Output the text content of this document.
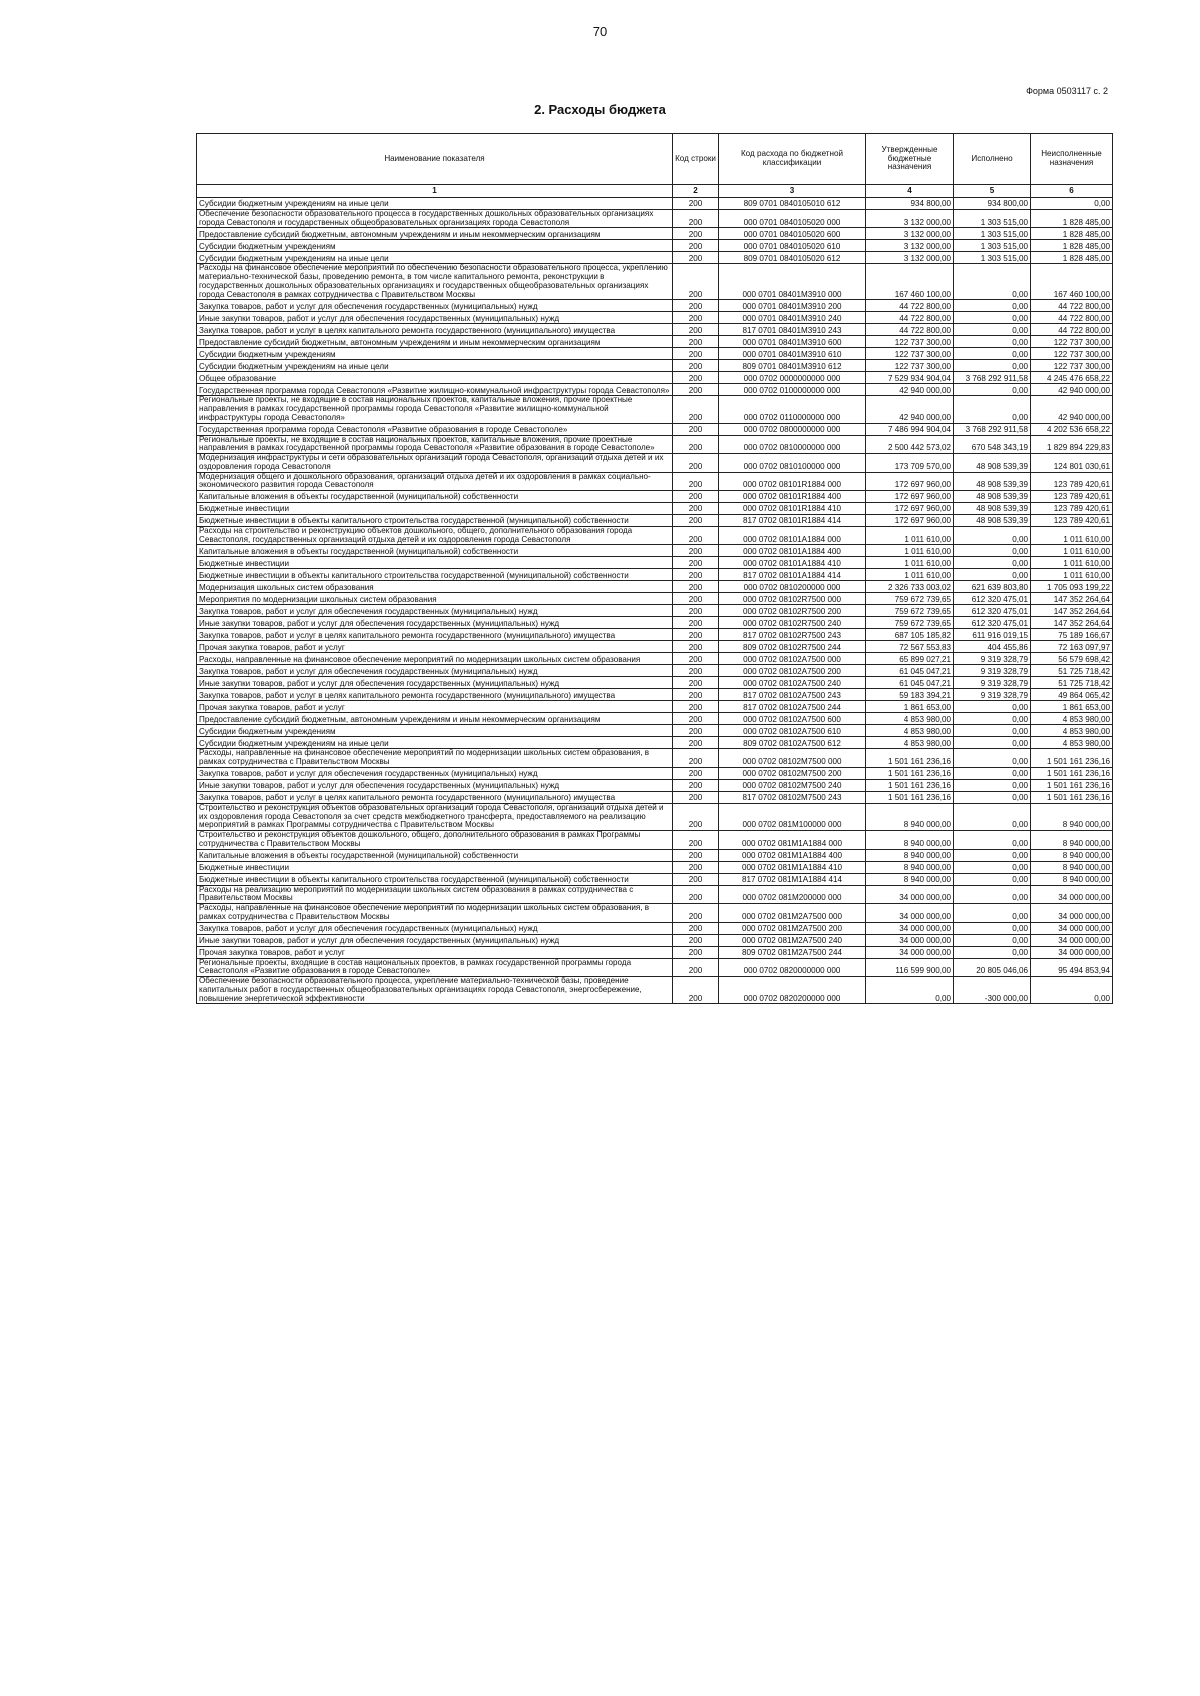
70
Форма 0503117 с. 2
2. Расходы бюджета
Наименование показателя	Код строки	Код расхода по бюджетной классификации	Утвержденные бюджетные назначения	Исполнено	Неисполненные назначения
1	2	3	4	5	6
Субсидии бюджетным учреждениям на иные цели	200	809 0701 0840105010 612	934 800,00	934 800,00	0,00
Обеспечение безопасности образовательного процесса в государственных дошкольных образовательных организациях города Севастополя и государственных общеобразовательных организациях города Севастополя	200	000 0701 0840105020 000	3 132 000,00	1 303 515,00	1 828 485,00
Предоставление субсидий бюджетным, автономным учреждениям и иным некоммерческим организациям	200	000 0701 0840105020 600	3 132 000,00	1 303 515,00	1 828 485,00
Субсидии бюджетным учреждениям	200	000 0701 0840105020 610	3 132 000,00	1 303 515,00	1 828 485,00
Субсидии бюджетным учреждениям на иные цели	200	809 0701 0840105020 612	3 132 000,00	1 303 515,00	1 828 485,00
Расходы на финансовое обеспечение мероприятий по обеспечению безопасности образовательного процесса, укреплению материально-технической базы, проведению ремонта, в том числе капитального ремонта, реконструкции в государственных дошкольных образовательных организациях и государственных общеобразовательных организациях города Севастополя в рамках сотрудничества с Правительством Москвы	200	000 0701 08401M3910 000	167 460 100,00	0,00	167 460 100,00
Закупка товаров, работ и услуг для обеспечения государственных (муниципальных) нужд	200	000 0701 08401M3910 200	44 722 800,00	0,00	44 722 800,00
Иные закупки товаров, работ и услуг для обеспечения государственных (муниципальных) нужд	200	000 0701 08401M3910 240	44 722 800,00	0,00	44 722 800,00
Закупка товаров, работ и услуг в целях капитального ремонта государственного (муниципального) имущества	200	817 0701 08401M3910 243	44 722 800,00	0,00	44 722 800,00
Предоставление субсидий бюджетным, автономным учреждениям и иным некоммерческим организациям	200	000 0701 08401M3910 600	122 737 300,00	0,00	122 737 300,00
Субсидии бюджетным учреждениям	200	000 0701 08401M3910 610	122 737 300,00	0,00	122 737 300,00
Субсидии бюджетным учреждениям на иные цели	200	809 0701 08401M3910 612	122 737 300,00	0,00	122 737 300,00
Общее образование	200	000 0702 0000000000 000	7 529 934 904,04	3 768 292 911,58	4 245 476 658,22
Государственная программа города Севастополя «Развитие жилищно-коммунальной инфраструктуры города Севастополя»	200	000 0702 0100000000 000	42 940 000,00	0,00	42 940 000,00
Региональные проекты, не входящие в состав национальных проектов, капитальные вложения, прочие проектные направления в рамках государственной программы города Севастополя «Развитие жилищно-коммунальной инфраструктуры города Севастополя»	200	000 0702 0110000000 000	42 940 000,00	0,00	42 940 000,00
Государственная программа города Севастополя «Развитие образования в городе Севастополе»	200	000 0702 0800000000 000	7 486 994 904,04	3 768 292 911,58	4 202 536 658,22
Региональные проекты, не входящие в состав национальных проектов, капитальные вложения, прочие проектные направления в рамках государственной программы города Севастополя «Развитие образования в городе Севастополе»	200	000 0702 0810000000 000	2 500 442 573,02	670 548 343,19	1 829 894 229,83
Модернизация инфраструктуры и сети образовательных организаций города Севастополя, организаций отдыха детей и их оздоровления города Севастополя	200	000 0702 0810100000 000	173 709 570,00	48 908 539,39	124 801 030,61
Модернизация общего и дошкольного образования, организаций отдыха детей и их оздоровления в рамках социально-экономического развития города Севастополя	200	000 0702 08101R1884 000	172 697 960,00	48 908 539,39	123 789 420,61
Капитальные вложения в объекты государственной (муниципальной) собственности	200	000 0702 08101R1884 400	172 697 960,00	48 908 539,39	123 789 420,61
Бюджетные инвестиции	200	000 0702 08101R1884 410	172 697 960,00	48 908 539,39	123 789 420,61
Бюджетные инвестиции в объекты капитального строительства государственной (муниципальной) собственности	200	817 0702 08101R1884 414	172 697 960,00	48 908 539,39	123 789 420,61
Расходы на строительство и реконструкцию объектов дошкольного, общего, дополнительного образования города Севастополя, государственных организаций отдыха детей и их оздоровления города Севастополя	200	000 0702 08101A1884 000	1 011 610,00	0,00	1 011 610,00
Капитальные вложения в объекты государственной (муниципальной) собственности	200	000 0702 08101A1884 400	1 011 610,00	0,00	1 011 610,00
Бюджетные инвестиции	200	000 0702 08101A1884 410	1 011 610,00	0,00	1 011 610,00
Бюджетные инвестиции в объекты капитального строительства государственной (муниципальной) собственности	200	817 0702 08101A1884 414	1 011 610,00	0,00	1 011 610,00
Модернизация школьных систем образования	200	000 0702 0810200000 000	2 326 733 003,02	621 639 803,80	1 705 093 199,22
Мероприятия по модернизации школьных систем образования	200	000 0702 08102R7500 000	759 672 739,65	612 320 475,01	147 352 264,64
Закупка товаров, работ и услуг для обеспечения государственных (муниципальных) нужд	200	000 0702 08102R7500 200	759 672 739,65	612 320 475,01	147 352 264,64
Иные закупки товаров, работ и услуг для обеспечения государственных (муниципальных) нужд	200	000 0702 08102R7500 240	759 672 739,65	612 320 475,01	147 352 264,64
Закупка товаров, работ и услуг в целях капитального ремонта государственного (муниципального) имущества	200	817 0702 08102R7500 243	687 105 185,82	611 916 019,15	75 189 166,67
Прочая закупка товаров, работ и услуг	200	809 0702 08102R7500 244	72 567 553,83	404 455,86	72 163 097,97
Расходы, направленные на финансовое обеспечение мероприятий по модернизации школьных систем образования	200	000 0702 08102A7500 000	65 899 027,21	9 319 328,79	56 579 698,42
Закупка товаров, работ и услуг для обеспечения государственных (муниципальных) нужд	200	000 0702 08102A7500 200	61 045 047,21	9 319 328,79	51 725 718,42
Иные закупки товаров, работ и услуг для обеспечения государственных (муниципальных) нужд	200	000 0702 08102A7500 240	61 045 047,21	9 319 328,79	51 725 718,42
Закупка товаров, работ и услуг в целях капитального ремонта государственного (муниципального) имущества	200	817 0702 08102A7500 243	59 183 394,21	9 319 328,79	49 864 065,42
Прочая закупка товаров, работ и услуг	200	817 0702 08102A7500 244	1 861 653,00	0,00	1 861 653,00
Предоставление субсидий бюджетным, автономным учреждениям и иным некоммерческим организациям	200	000 0702 08102A7500 600	4 853 980,00	0,00	4 853 980,00
Субсидии бюджетным учреждениям	200	000 0702 08102A7500 610	4 853 980,00	0,00	4 853 980,00
Субсидии бюджетным учреждениям на иные цели	200	809 0702 08102A7500 612	4 853 980,00	0,00	4 853 980,00
Расходы, направленные на финансовое обеспечение мероприятий по модернизации школьных систем образования, в рамках сотрудничества с Правительством Москвы	200	000 0702 08102M7500 000	1 501 161 236,16	0,00	1 501 161 236,16
Закупка товаров, работ и услуг для обеспечения государственных (муниципальных) нужд	200	000 0702 08102M7500 200	1 501 161 236,16	0,00	1 501 161 236,16
Иные закупки товаров, работ и услуг для обеспечения государственных (муниципальных) нужд	200	000 0702 08102M7500 240	1 501 161 236,16	0,00	1 501 161 236,16
Закупка товаров, работ и услуг в целях капитального ремонта государственного (муниципального) имущества	200	817 0702 08102M7500 243	1 501 161 236,16	0,00	1 501 161 236,16
Строительство и реконструкция объектов образовательных организаций города Севастополя, организаций отдыха детей и их оздоровления города Севастополя за счет средств межбюджетного трансферта, предоставляемого на реализацию мероприятий в рамках Программы сотрудничества с Правительством Москвы	200	000 0702 081M100000 000	8 940 000,00	0,00	8 940 000,00
Строительство и реконструкция объектов дошкольного, общего, дополнительного образования в рамках Программы сотрудничества с Правительством Москвы	200	000 0702 081M1A1884 000	8 940 000,00	0,00	8 940 000,00
Капитальные вложения в объекты государственной (муниципальной) собственности	200	000 0702 081M1A1884 400	8 940 000,00	0,00	8 940 000,00
Бюджетные инвестиции	200	000 0702 081M1A1884 410	8 940 000,00	0,00	8 940 000,00
Бюджетные инвестиции в объекты капитального строительства государственной (муниципальной) собственности	200	817 0702 081M1A1884 414	8 940 000,00	0,00	8 940 000,00
Расходы на реализацию мероприятий по модернизации школьных систем образования в рамках сотрудничества с Правительством Москвы	200	000 0702 081M200000 000	34 000 000,00	0,00	34 000 000,00
Расходы, направленные на финансовое обеспечение мероприятий по модернизации школьных систем образования, в рамках сотрудничества с Правительством Москвы	200	000 0702 081M2A7500 000	34 000 000,00	0,00	34 000 000,00
Закупка товаров, работ и услуг для обеспечения государственных (муниципальных) нужд	200	000 0702 081M2A7500 200	34 000 000,00	0,00	34 000 000,00
Иные закупки товаров, работ и услуг для обеспечения государственных (муниципальных) нужд	200	000 0702 081M2A7500 240	34 000 000,00	0,00	34 000 000,00
Прочая закупка товаров, работ и услуг	200	809 0702 081M2A7500 244	34 000 000,00	0,00	34 000 000,00
Региональные проекты, входящие в состав национальных проектов, в рамках государственной программы города Севастополя «Развитие образования в городе Севастополе»	200	000 0702 0820000000 000	116 599 900,00	20 805 046,06	95 494 853,94
Обеспечение безопасности образовательного процесса, укрепление материально-технической базы, проведение капитальных работ в государственных общеобразовательных организациях города Севастополя, энергосбережение, повышение энергетической эффективности	200	000 0702 0820200000 000	0,00	-300 000,00	0,00
